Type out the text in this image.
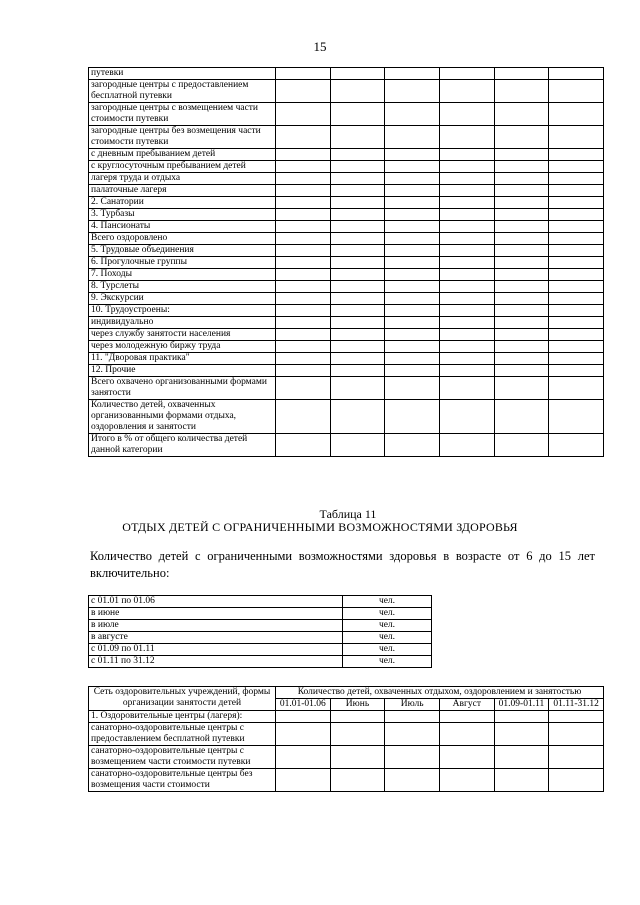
15
путевки						
загородные центры с предоставлением бесплатной путевки						
загородные центры с возмещением части стоимости путевки						
загородные центры без возмещения части стоимости путевки						
с дневным пребыванием детей						
с круглосуточным пребыванием детей						
лагеря труда и отдыха						
палаточные лагеря						
2. Санатории						
3. Турбазы						
4. Пансионаты						
Всего оздоровлено						
5. Трудовые объединения						
6. Прогулочные группы						
7. Походы						
8. Турслеты						
9. Экскурсии						
10. Трудоустроены:						
индивидуально						
через службу занятости населения						
через молодежную биржу труда						
11. "Дворовая практика"						
12. Прочие						
Всего охвачено организованными формами занятости						
Количество детей, охваченных организованными формами отдыха, оздоровления и занятости						
Итого в % от общего количества детей данной категории						
Таблица 11
ОТДЫХ ДЕТЕЙ С ОГРАНИЧЕННЫМИ ВОЗМОЖНОСТЯМИ ЗДОРОВЬЯ
Количество детей с ограниченными возможностями здоровья в возрасте от 6 до 15 лет включительно:
с 01.01 по 01.06	чел.
в июне	чел.
в июле	чел.
в августе	чел.
с 01.09 по 01.11	чел.
с 01.11 по 31.12	чел.
Сеть оздоровительных учреждений, формы организации занятости детей	Количество детей, охваченных отдыхом, оздоровлением и занятостью					
	01.01-01.06	Июнь	Июль	Август	01.09-01.11	01.11-31.12
1. Оздоровительные центры (лагеря):						
санаторно-оздоровительные центры с предоставлением бесплатной путевки						
санаторно-оздоровительные центры с возмещением части стоимости путевки						
санаторно-оздоровительные центры без возмещения части стоимости						
